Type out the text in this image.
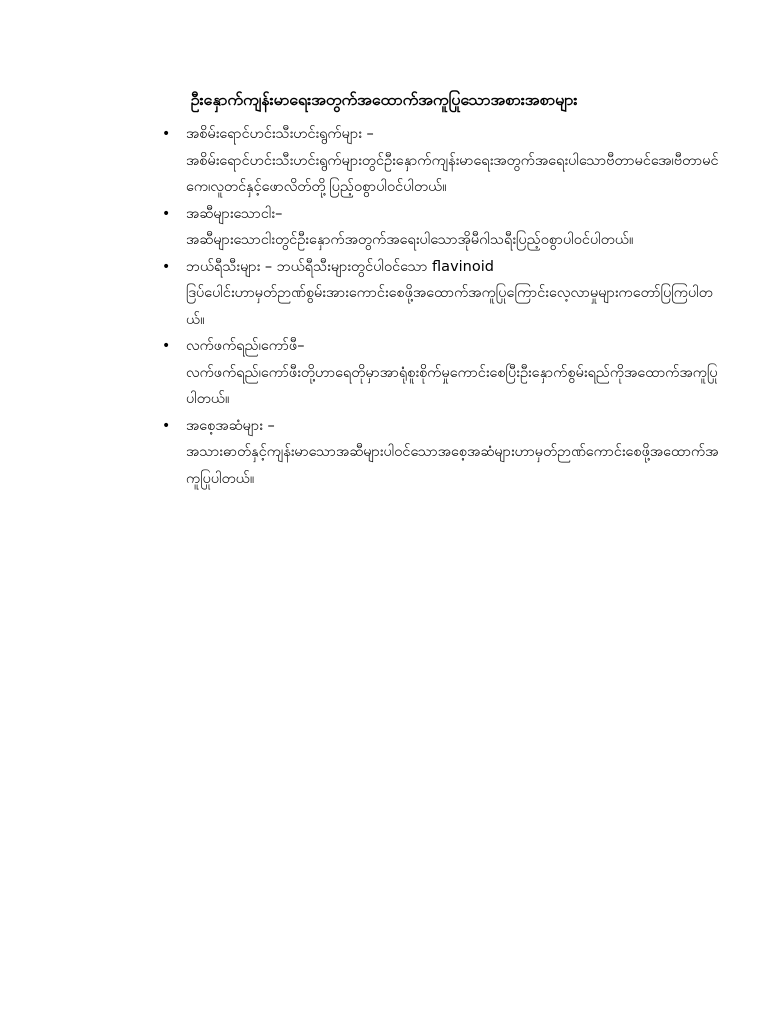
ဦးနှောက်ကျန်းမာရေးအတွက်အထောက်အကူပြုသောအစားအစာများ
• အစိမ်းရောင်ဟင်းသီးဟင်းရွက်များ –
အစိမ်းရောင်ဟင်းသီးဟင်းရွက်များတွင်ဦးနှောက်ကျန်းမာရေးအတွက်အရေးပါသောဗီတာမင်အေ၊ဗီတာမင်ကေ၊လူတင်နှင့်ဖောလိတ်တို့ပြည့်ဝစွာပါဝင်ပါတယ်။
• အဆီများသောငါး–
အဆီများသောငါးတွင်ဦးနှောက်အတွက်အရေးပါသောအိုမီဂါသရီးပြည့်ဝစွာပါဝင်ပါတယ်။
• ဘယ်ရီသီးများ – ဘယ်ရီသီးများတွင်ပါဝင်သော flavinoid
ဒြပ်ပေါင်းဟာမှတ်ဉာဏ်စွမ်းအားကောင်းစေဖို့အထောက်အကူပြုကြောင်းလေ့လာမှုများကတော်ပြကြပါတယ်။
• လက်ဖက်ရည်၊ကော်ဖီ–
လက်ဖက်ရည်၊ကော်ဖီးတို့ဟာရေတိုမှာအာရုံစူးစိုက်မှုကောင်းစေပြီးဦးနှောက်စွမ်းရည်ကိုအထောက်အကူပြုပါတယ်။
• အစေ့အဆံများ –
အသားဓာတ်နှင့်ကျန်းမာသောအဆီများပါဝင်သောအစေ့အဆံများဟာမှတ်ဉာဏ်ကောင်းစေဖို့အထောက်အကူပြုပါတယ်။
